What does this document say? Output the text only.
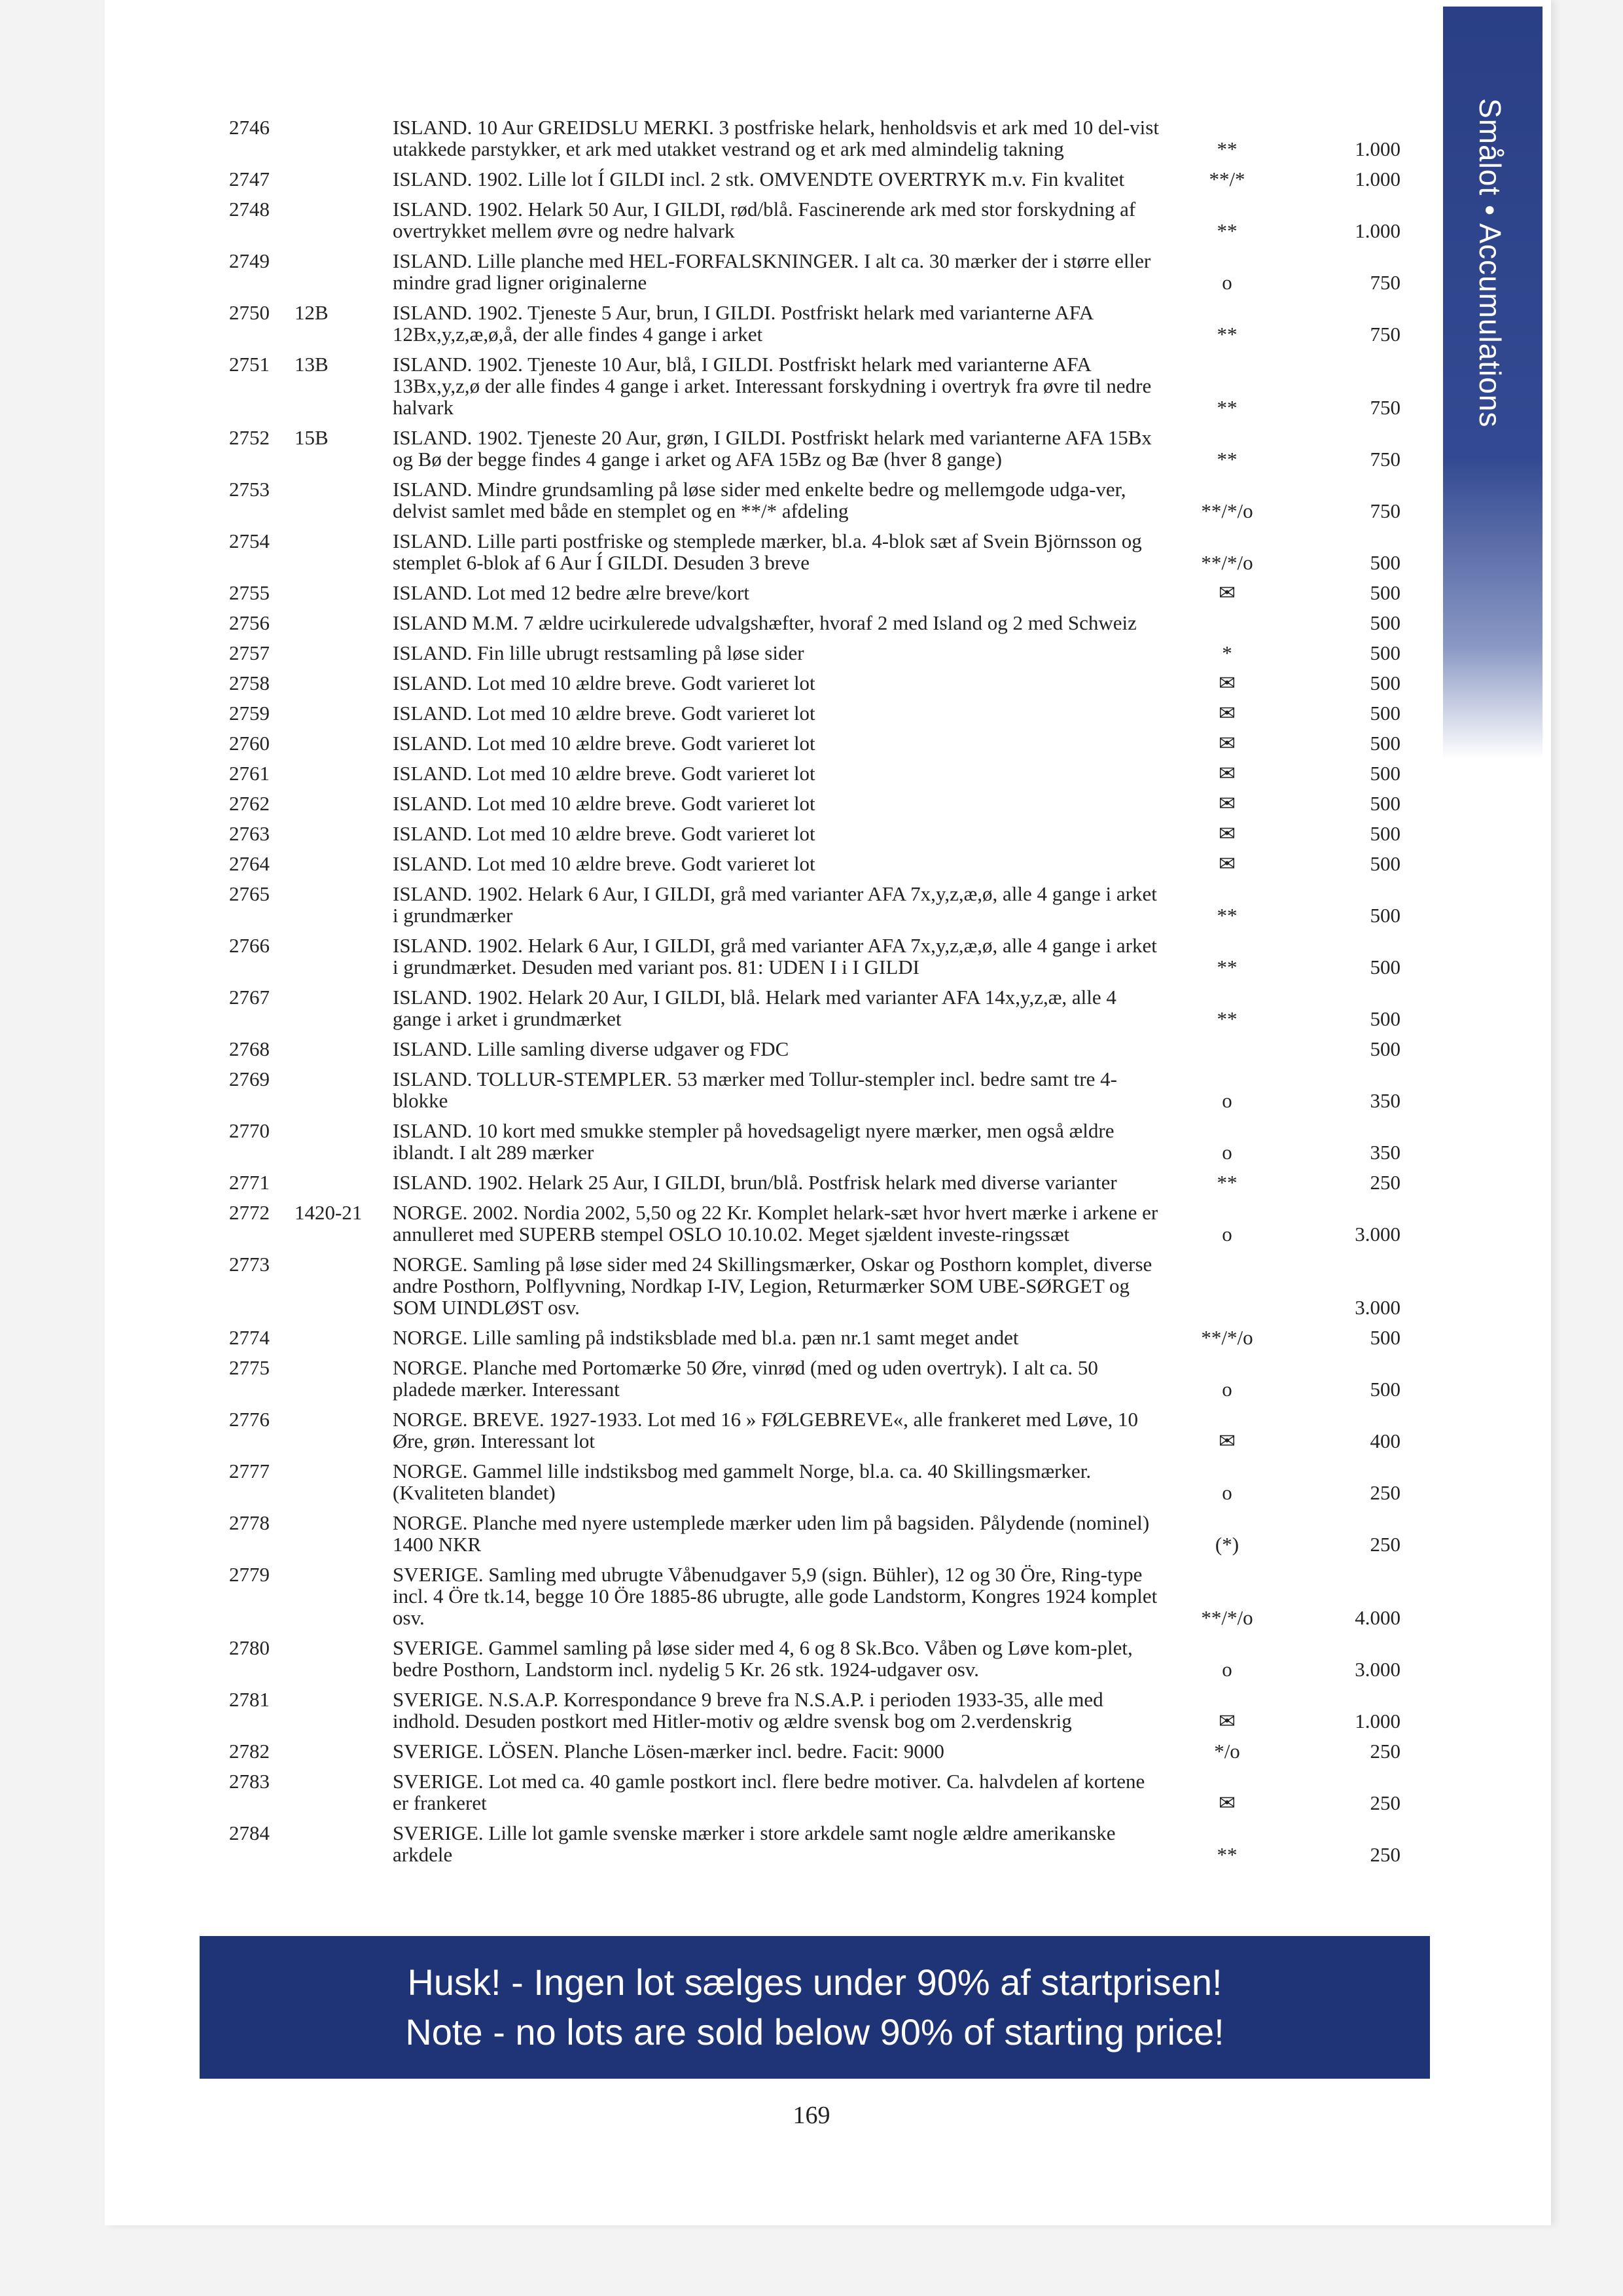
Smålot • Accumulations
2746	ISLAND. 10 Aur GREIDSLU MERKI. 3 postfriske helark, henholdsvis et ark med 10 del-vist utakkede parstykker, et ark med utakket vestrand og et ark med almindelig takning	**	1.000
2747	ISLAND. 1902. Lille lot Í GILDI incl. 2 stk. OMVENDTE OVERTRYK m.v. Fin kvalitet	**/*	1.000
2748	ISLAND. 1902. Helark 50 Aur, I GILDI, rød/blå. Fascinerende ark med stor forskydning af overtrykket mellem øvre og nedre halvark	**	1.000
2749	ISLAND. Lille planche med HEL-FORFALSKNINGER. I alt ca. 30 mærker der i større eller mindre grad ligner originalerne	o	750
2750	12B	ISLAND. 1902. Tjeneste 5 Aur, brun, I GILDI. Postfriskt helark med varianterne AFA 12Bx,y,z,æ,ø,å, der alle findes 4 gange i arket	**	750
2751	13B	ISLAND. 1902. Tjeneste 10 Aur, blå, I GILDI. Postfriskt helark med varianterne AFA 13Bx,y,z,ø der alle findes 4 gange i arket. Interessant forskydning i overtryk fra øvre til nedre halvark	**	750
2752	15B	ISLAND. 1902. Tjeneste 20 Aur, grøn, I GILDI. Postfriskt helark med varianterne AFA 15Bx og Bø der begge findes 4 gange i arket og AFA 15Bz og Bæ (hver 8 gange)	**	750
2753	ISLAND. Mindre grundsamling på løse sider med enkelte bedre og mellemgode udga-ver, delvist samlet med både en stemplet og en **/* afdeling	**/*/o	750
2754	ISLAND. Lille parti postfriske og stemplede mærker, bl.a. 4-blok sæt af Svein Björnsson og stemplet 6-blok af 6 Aur Í GILDI. Desuden 3 breve	**/*/o	500
2755	ISLAND. Lot med 12 bedre ælre breve/kort	✉	500
2756	ISLAND M.M. 7 ældre ucirkulerede udvalgshæfter, hvoraf 2 med Island og 2 med Schweiz	500
2757	ISLAND. Fin lille ubrugt restsamling på løse sider	*	500
2758	ISLAND. Lot med 10 ældre breve. Godt varieret lot	✉	500
2759	ISLAND. Lot med 10 ældre breve. Godt varieret lot	✉	500
2760	ISLAND. Lot med 10 ældre breve. Godt varieret lot	✉	500
2761	ISLAND. Lot med 10 ældre breve. Godt varieret lot	✉	500
2762	ISLAND. Lot med 10 ældre breve. Godt varieret lot	✉	500
2763	ISLAND. Lot med 10 ældre breve. Godt varieret lot	✉	500
2764	ISLAND. Lot med 10 ældre breve. Godt varieret lot	✉	500
2765	ISLAND. 1902. Helark 6 Aur, I GILDI, grå med varianter AFA 7x,y,z,æ,ø, alle 4 gange i arket i grundmærker	**	500
2766	ISLAND. 1902. Helark 6 Aur, I GILDI, grå med varianter AFA 7x,y,z,æ,ø, alle 4 gange i arket i grundmærket. Desuden med variant pos. 81: UDEN I i I GILDI	**	500
2767	ISLAND. 1902. Helark 20 Aur, I GILDI, blå. Helark med varianter AFA 14x,y,z,æ, alle 4 gange i arket i grundmærket	**	500
2768	ISLAND. Lille samling diverse udgaver og FDC	500
2769	ISLAND. TOLLUR-STEMPLER. 53 mærker med Tollur-stempler incl. bedre samt tre 4-blokke	o	350
2770	ISLAND. 10 kort med smukke stempler på hovedsageligt nyere mærker, men også ældre iblandt. I alt 289 mærker	o	350
2771	ISLAND. 1902. Helark 25 Aur, I GILDI, brun/blå. Postfrisk helark med diverse varianter	**	250
2772	1420-21	NORGE. 2002. Nordia 2002, 5,50 og 22 Kr. Komplet helark-sæt hvor hvert mærke i arkene er annulleret med SUPERB stempel OSLO 10.10.02. Meget sjældent investe-ringssæt	o	3.000
2773	NORGE. Samling på løse sider med 24 Skillingsmærker, Oskar og Posthorn komplet, diverse andre Posthorn, Polflyvning, Nordkap I-IV, Legion, Returmærker SOM UBE-SØRGET og SOM UINDLØST osv.	3.000
2774	NORGE. Lille samling på indstiksblade med bl.a. pæn nr.1 samt meget andet	**/*/o	500
2775	NORGE. Planche med Portomærke 50 Øre, vinrød (med og uden overtryk). I alt ca. 50 pladede mærker. Interessant	o	500
2776	NORGE. BREVE. 1927-1933. Lot med 16 » FØLGEBREVE«, alle frankeret med Løve, 10 Øre, grøn. Interessant lot	✉	400
2777	NORGE. Gammel lille indstiksbog med gammelt Norge, bl.a. ca. 40 Skillingsmærker. (Kvaliteten blandet)	o	250
2778	NORGE. Planche med nyere ustemplede mærker uden lim på bagsiden. Pålydende (nominel) 1400 NKR	(*)	250
2779	SVERIGE. Samling med ubrugte Våbenudgaver 5,9 (sign. Bühler), 12 og 30 Öre, Ring-type incl. 4 Öre tk.14, begge 10 Öre 1885-86 ubrugte, alle gode Landstorm, Kongres 1924 komplet osv.	**/*/o	4.000
2780	SVERIGE. Gammel samling på løse sider med 4, 6 og 8 Sk.Bco. Våben og Løve kom-plet, bedre Posthorn, Landstorm incl. nydelig 5 Kr. 26 stk. 1924-udgaver osv.	o	3.000
2781	SVERIGE. N.S.A.P. Korrespondance 9 breve fra N.S.A.P. i perioden 1933-35, alle med indhold. Desuden postkort med Hitler-motiv og ældre svensk bog om 2.verdenskrig	✉	1.000
2782	SVERIGE. LÖSEN. Planche Lösen-mærker incl. bedre. Facit: 9000	*/o	250
2783	SVERIGE. Lot med ca. 40 gamle postkort incl. flere bedre motiver. Ca. halvdelen af kortene er frankeret	✉	250
2784	SVERIGE. Lille lot gamle svenske mærker i store arkdele samt nogle ældre amerikanske arkdele	**	250
Husk! - Ingen lot sælges under 90% af startprisen!
Note - no lots are sold below 90% of starting price!
169
